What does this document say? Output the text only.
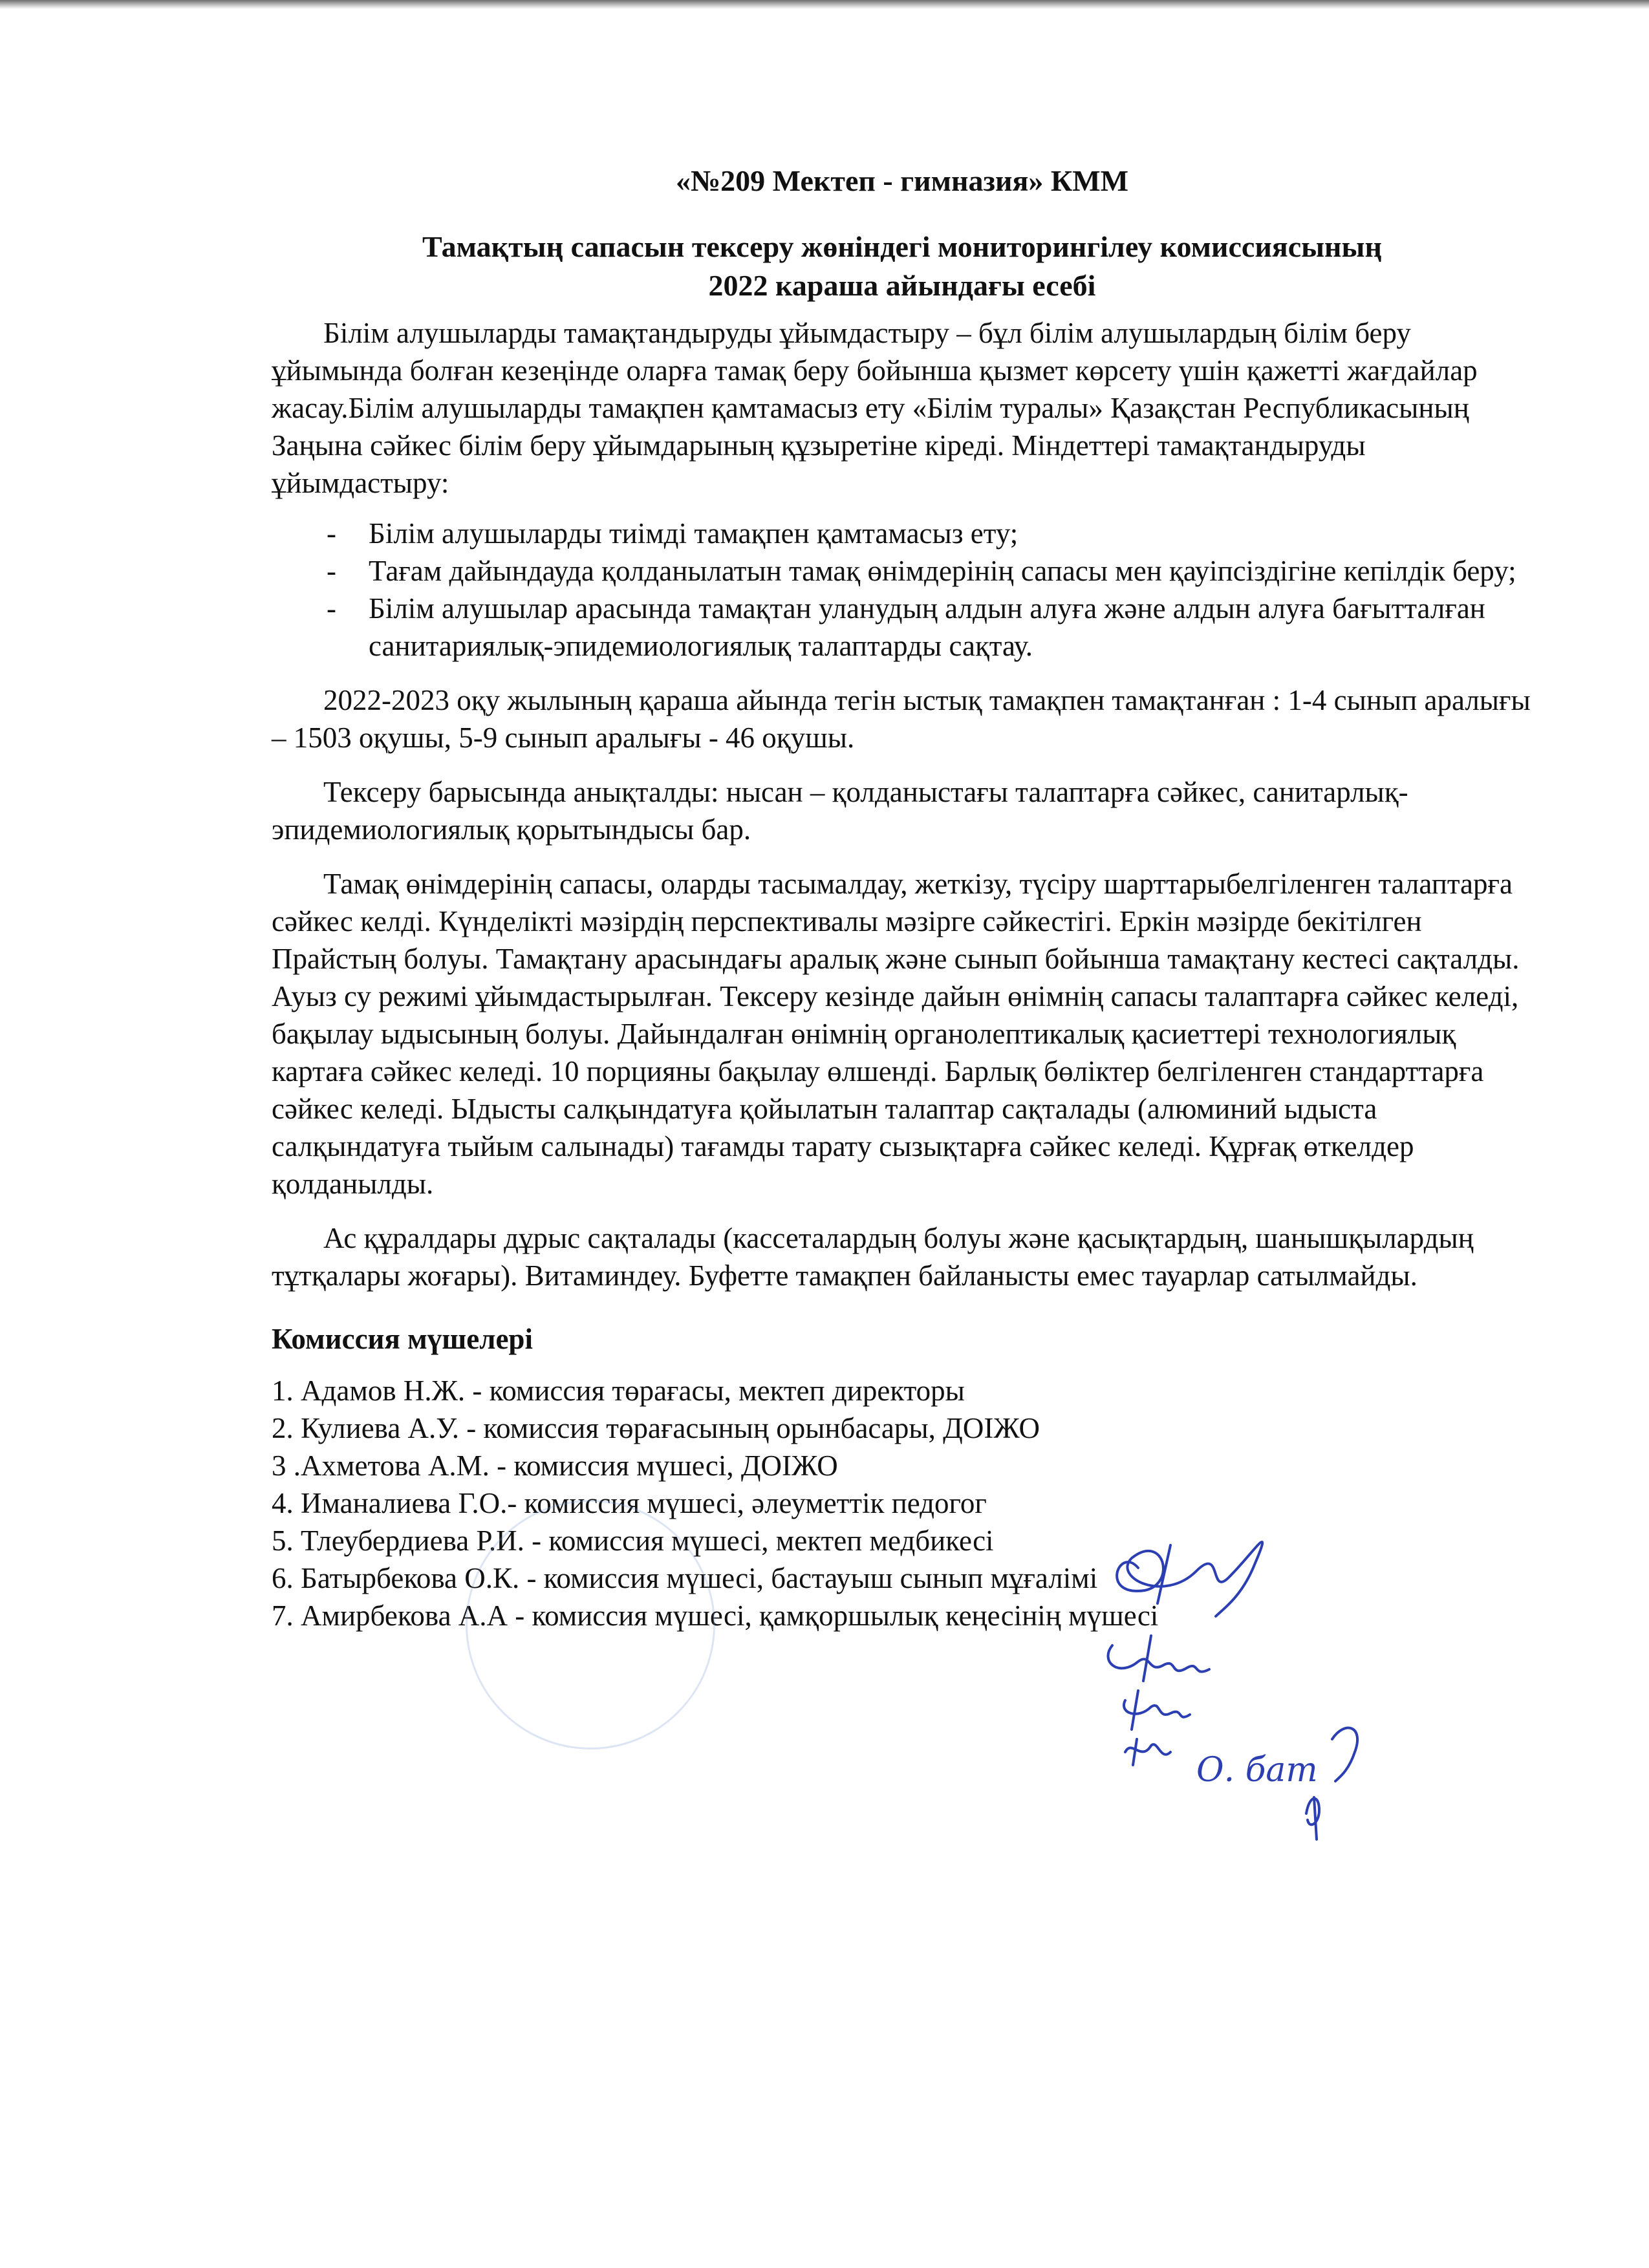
«№209 Мектеп - гимназия» КММ

Тамақтың сапасын тексеру жөніндегі мониторингілеу комиссиясының

2022 караша айындағы есебі

Білім алушыларды тамақтандыруды ұйымдастыру – бұл білім алушылардың білім беру ұйымында болған кезеңінде оларға тамақ беру бойынша қызмет көрсету үшін қажетті жағдайлар жасау.Білім алушыларды тамақпен қамтамасыз ету «Білім туралы» Қазақстан Республикасының Заңына сәйкес білім беру ұйымдарының құзыретіне кіреді. Міндеттері тамақтандыруды ұйымдастыру:

- Білім алушыларды тиімді тамақпен қамтамасыз ету;
- Тағам дайындауда қолданылатын тамақ өнімдерінің сапасы мен қауіпсіздігіне кепілдік беру;
- Білім алушылар арасында тамақтан уланудың алдын алуға және алдын алуға бағытталған санитариялық-эпидемиологиялық талаптарды сақтау.

2022-2023 оқу жылының қараша айында тегін ыстық тамақпен тамақтанған : 1-4 сынып аралығы – 1503 оқушы, 5-9 сынып аралығы - 46 оқушы.

Тексеру барысында анықталды: нысан – қолданыстағы талаптарға сәйкес, санитарлық-эпидемиологиялық қорытындысы бар.

Тамақ өнімдерінің сапасы, оларды тасымалдау, жеткізу, түсіру шарттарыбелгіленген талаптарға сәйкес келді. Күнделікті мәзірдің перспективалы мәзірге сәйкестігі. Еркін мәзірде бекітілген Прайстың болуы. Тамақтану арасындағы аралық және сынып бойынша тамақтану кестесі сақталды. Ауыз су режимі ұйымдастырылған. Тексеру кезінде дайын өнімнің сапасы талаптарға сәйкес келеді, бақылау ыдысының болуы. Дайындалған өнімнің органолептикалық қасиеттері технологиялық картаға сәйкес келеді. 10 порцияны бақылау өлшенді. Барлық бөліктер белгіленген стандарттарға сәйкес келеді. Ыдысты салқындатуға қойылатын талаптар сақталады (алюминий ыдыста салқындатуға тыйым салынады) тағамды тарату сызықтарға сәйкес келеді. Құрғақ өткелдер қолданылды.

Ас құралдары дұрыс сақталады (кассеталардың болуы және қасықтардың, шанышқылардың тұтқалары жоғары). Витаминдеу. Буфетте тамақпен байланысты емес тауарлар сатылмайды.

Комиссия мүшелері

1. Адамов Н.Ж. - комиссия төрағасы, мектеп директоры
2. Кулиева А.У. - комиссия төрағасының орынбасары, ДОІЖО
3 .Ахметова А.М. - комиссия мүшесі, ДОІЖО
4. Иманалиева Г.О.- комиссия мүшесі, әлеуметтік педогог
5. Тлеубердиева Р.И. - комиссия мүшесі, мектеп медбикесі
6. Батырбекова О.К. - комиссия мүшесі, бастауыш сынып мұғалімі
7. Амирбекова А.А - комиссия мүшесі, қамқоршылық кеңесінің мүшесі
О. бат
